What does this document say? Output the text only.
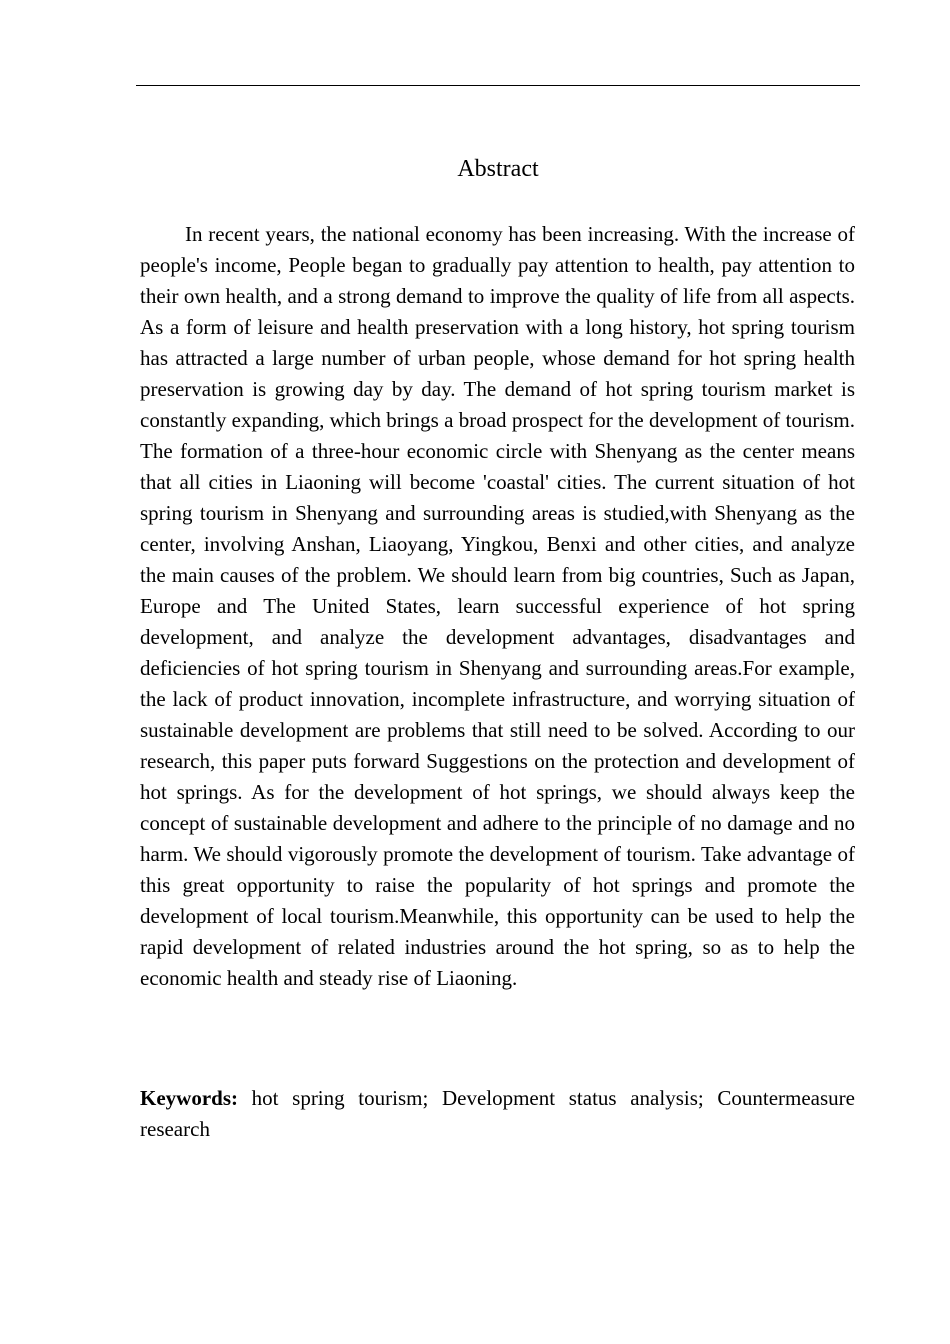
Abstract

In recent years, the national economy has been increasing. With the increase of people's income, People began to gradually pay attention to health, pay attention to their own health, and a strong demand to improve the quality of life from all aspects. As a form of leisure and health preservation with a long history, hot spring tourism has attracted a large number of urban people, whose demand for hot spring health preservation is growing day by day. The demand of hot spring tourism market is constantly expanding, which brings a broad prospect for the development of tourism. The formation of a three-hour economic circle with Shenyang as the center means that all cities in Liaoning will become 'coastal' cities. The current situation of hot spring tourism in Shenyang and surrounding areas is studied,with Shenyang as the center, involving Anshan, Liaoyang, Yingkou, Benxi and other cities, and analyze the main causes of the problem. We should learn from big countries, Such as Japan, Europe and The United States, learn successful experience of hot spring development, and analyze the development advantages, disadvantages and deficiencies of hot spring tourism in Shenyang and surrounding areas.For example, the lack of product innovation, incomplete infrastructure, and worrying situation of sustainable development are problems that still need to be solved. According to our research, this paper puts forward Suggestions on the protection and development of hot springs. As for the development of hot springs, we should always keep the concept of sustainable development and adhere to the principle of no damage and no harm. We should vigorously promote the development of tourism. Take advantage of this great opportunity to raise the popularity of hot springs and promote the development of local tourism.Meanwhile, this opportunity can be used to help the rapid development of related industries around the hot spring, so as to help the economic health and steady rise of Liaoning.

Keywords: hot spring tourism; Development status analysis; Countermeasure research
